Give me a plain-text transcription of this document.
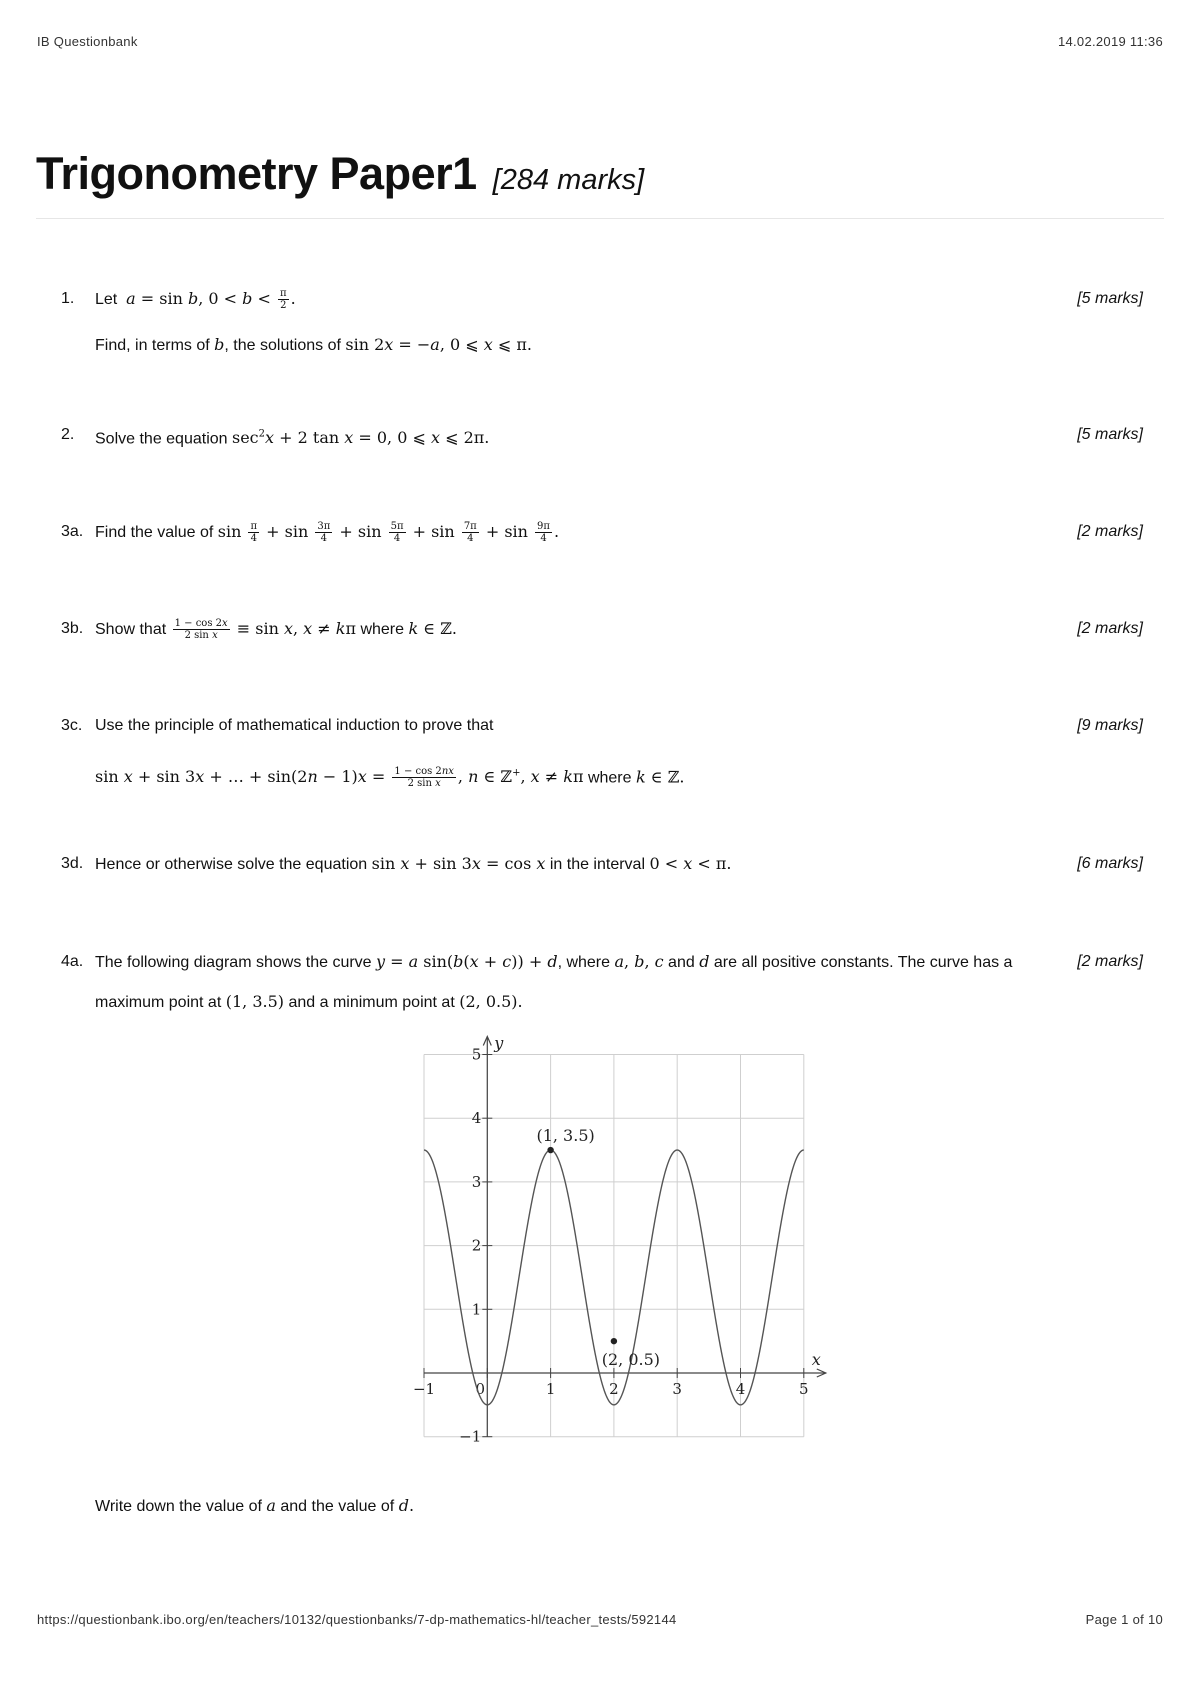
IB Questionbank	14.02.2019 11:36
Trigonometry Paper1 [284 marks]
1.	[5 marks]
Let a = sin b, $0 < b < \frac{\pi}{2}$ .
Find, in terms of b, the solutions of sin 2x = −a, 0 ⩽ x ⩽ π.
2.	[5 marks]
Solve the equation $\sec^2x + 2$ tan x = 0, 0 ⩽ x ⩽ 2π.
3a.	[2 marks]
Find the value of $\sin \frac{\pi}{4} + \sin \frac{3\pi}{4} + \sin \frac{5\pi}{4} + \sin \frac{7\pi}{4} + \sin \frac{9\pi}{4}$ .
3b.	[2 marks]
Show that $\frac{1 - \cos 2x}{\text{2 sin x}} \equiv \sin x$, x ≠ kπ where k ∈ ℤ.
3c.	[9 marks]
Use the principle of mathematical induction to prove that
sin x + sin 3x + … + $\sin(2n - 1)x = \frac{1 - \cos 2nx}{\text{2 sin x}}$ , n ∈ ℤ+, x ≠ kπ where k ∈ ℤ.
3d.	[6 marks]
Hence or otherwise solve the equation sin x + sin 3x = cos x in the interval 0 < x < π.
4a.	[2 marks]
The following diagram shows the curve y = a sin(b(x + c)) + d, where a, b, c and d are all positive constants. The curve has a
maximum point at (1, 3.5) and a minimum point at (2, 0.5).
−1	0	1	2	3	4	5
−1
1
2
3
4
5
(1, 3.5)
(2, 0.5)	x
y
Write down the value of a and the value of d.
https://questionbank.ibo.org/en/teachers/10132/questionbanks/7-dp-mathematics-hl/teacher_tests/592144	Page 1 of 10
